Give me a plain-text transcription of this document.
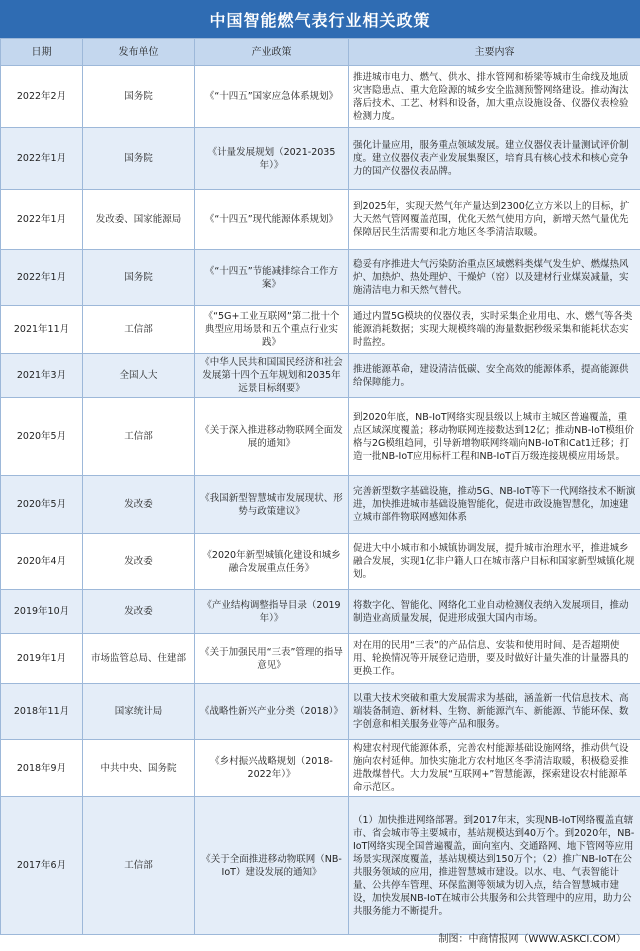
中国智能燃气表行业相关政策
日期	发布单位	产业政策	主要内容
2022年2月	国务院	《“十四五”国家应急体系规划》	推进城市电力、燃气、供水、排水管网和桥梁等城市生命线及地质灾害隐患点、重大危险源的城乡安全监测预警网络建设。推动淘汰落后技术、工艺、材料和设备，加大重点设施设备、仪器仪表检验检测力度。
2022年1月	国务院	《计量发展规划（2021-2035年）》	强化计量应用，服务重点领域发展。建立仪器仪表计量测试评价制度。建立仪器仪表产业发展集聚区，培育具有核心技术和核心竞争力的国产仪器仪表品牌。
2022年1月	发改委、国家能源局	《“十四五”现代能源体系规划》	到2025年，实现天然气年产量达到2300亿立方米以上的目标，扩大天然气管网覆盖范围，优化天然气使用方向，新增天然气量优先保障居民生活需要和北方地区冬季清洁取暖。
2022年1月	国务院	《“十四五”节能减排综合工作方案》	稳妥有序推进大气污染防治重点区域燃料类煤气发生炉、燃煤热风炉、加热炉、热处理炉、干燥炉（窑）以及建材行业煤炭减量，实施清洁电力和天然气替代。
2021年11月	工信部	《“5G+工业互联网”第二批十个典型应用场景和五个重点行业实践》	通过内置5G模块的仪器仪表，实时采集企业用电、水、燃气等各类能源消耗数据；实现大规模终端的海量数据秒级采集和能耗状态实时监控。
2021年3月	全国人大	《中华人民共和国国民经济和社会发展第十四个五年规划和2035年远景目标纲要》	推进能源革命，建设清洁低碳、安全高效的能源体系，提高能源供给保障能力。
2020年5月	工信部	《关于深入推进移动物联网全面发展的通知》	到2020年底，NB-IoT网络实现县级以上城市主城区普遍覆盖，重点区域深度覆盖；移动物联网连接数达到12亿；推动NB-IoT模组价格与2G模组趋同，引导新增物联网终端向NB-IoT和Cat1迁移；打造一批NB-IoT应用标杆工程和NB-IoT百万级连接规模应用场景。
2020年5月	发改委	《我国新型智慧城市发展现状、形势与政策建议》	完善新型数字基础设施，推动5G、NB-IoT等下一代网络技术不断演进，加快推进城市基础设施智能化，促进市政设施智慧化，加速建立城市部件物联网感知体系
2020年4月	发改委	《2020年新型城镇化建设和城乡融合发展重点任务》	促进大中小城市和小城镇协调发展，提升城市治理水平，推进城乡融合发展，实现1亿非户籍人口在城市落户目标和国家新型城镇化规划。
2019年10月	发改委	《产业结构调整指导目录（2019年）》	将数字化、智能化、网络化工业自动检测仪表纳入发展项目，推动制造业高质量发展，促进形成强大国内市场。
2019年1月	市场监管总局、住建部	《关于加强民用“三表”管理的指导意见》	对在用的民用“三表”的产品信息、安装和使用时间、是否超期使用、轮换情况等开展登记造册，要及时做好计量失准的计量器具的更换工作。
2018年11月	国家统计局	《战略性新兴产业分类（2018）》	以重大技术突破和重大发展需求为基础，涵盖新一代信息技术、高端装备制造、新材料、生物、新能源汽车、新能源、节能环保、数字创意和相关服务业等产品和服务。
2018年9月	中共中央、国务院	《乡村振兴战略规划（2018-2022年）》	构建农村现代能源体系，完善农村能源基础设施网络，推动供气设施向农村延伸。加快实施北方农村地区冬季清洁取暖，积极稳妥推进散煤替代。大力发展“互联网+”智慧能源，探索建设农村能源革命示范区。
2017年6月	工信部	《关于全面推进移动物联网（NB-IoT）建设发展的通知》	（1）加快推进网络部署。到2017年末，实现NB-IoT网络覆盖直辖市、省会城市等主要城市，基站规模达到40万个。到2020年，NB-IoT网络实现全国普遍覆盖，面向室内、交通路网、地下管网等应用场景实现深度覆盖，基站规模达到150万个；（2）推广NB-IoT在公共服务领域的应用，推进智慧城市建设。以水、电、气表智能计量、公共停车管理、环保监测等领域为切入点，结合智慧城市建设，加快发展NB-IoT在城市公共服务和公共管理中的应用，助力公共服务能力不断提升。
制图：中商情报网（WWW.ASKCI.COM）
